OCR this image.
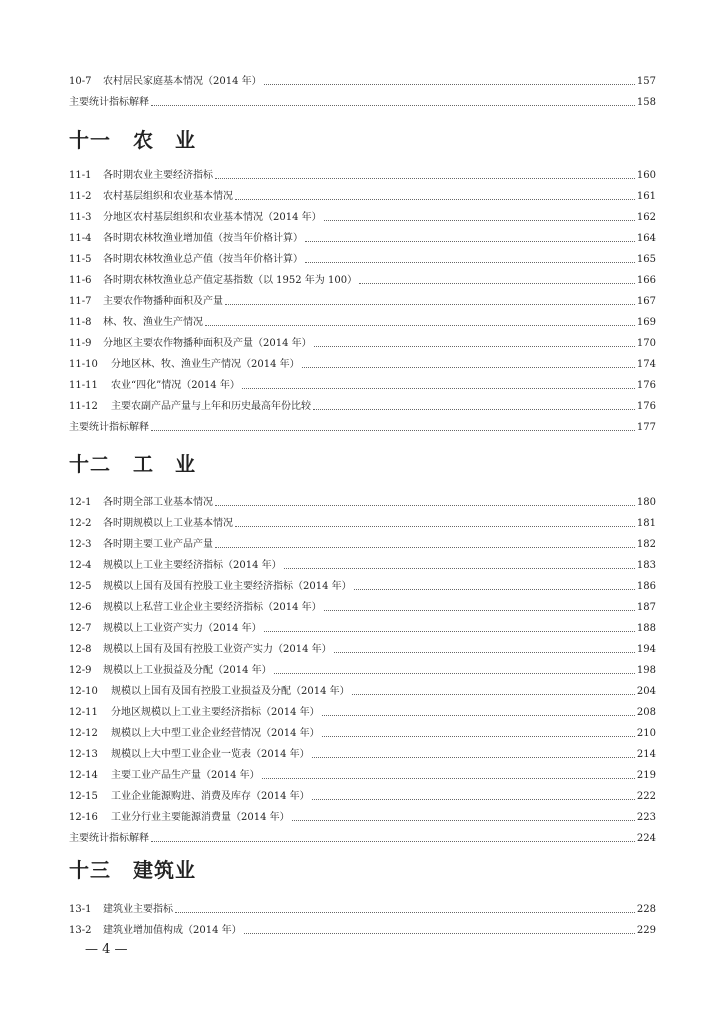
10-7	农村居民家庭基本情况（2014 年）	157
主要统计指标解释	158
十一 农　业
11-1	各时期农业主要经济指标	160
11-2	农村基层组织和农业基本情况	161
11-3	分地区农村基层组织和农业基本情况（2014 年）	162
11-4	各时期农林牧渔业增加值（按当年价格计算）	164
11-5	各时期农林牧渔业总产值（按当年价格计算）	165
11-6	各时期农林牧渔业总产值定基指数（以 1952 年为 100）	166
11-7	主要农作物播种面积及产量	167
11-8	林、牧、渔业生产情况	169
11-9	分地区主要农作物播种面积及产量（2014 年）	170
11-10	分地区林、牧、渔业生产情况（2014 年）	174
11-11	农业“四化”情况（2014 年）	176
11-12	主要农副产品产量与上年和历史最高年份比较	176
主要统计指标解释	177
十二 工　业
12-1	各时期全部工业基本情况	180
12-2	各时期规模以上工业基本情况	181
12-3	各时期主要工业产品产量	182
12-4	规模以上工业主要经济指标（2014 年）	183
12-5	规模以上国有及国有控股工业主要经济指标（2014 年）	186
12-6	规模以上私营工业企业主要经济指标（2014 年）	187
12-7	规模以上工业资产实力（2014 年）	188
12-8	规模以上国有及国有控股工业资产实力（2014 年）	194
12-9	规模以上工业损益及分配（2014 年）	198
12-10	规模以上国有及国有控股工业损益及分配（2014 年）	204
12-11	分地区规模以上工业主要经济指标（2014 年）	208
12-12	规模以上大中型工业企业经营情况（2014 年）	210
12-13	规模以上大中型工业企业一览表（2014 年）	214
12-14	主要工业产品生产量（2014 年）	219
12-15	工业企业能源购进、消费及库存（2014 年）	222
12-16	工业分行业主要能源消费量（2014 年）	223
主要统计指标解释	224
十三 建筑业
13-1	建筑业主要指标	228
13-2	建筑业增加值构成（2014 年）	229
— 4 —
